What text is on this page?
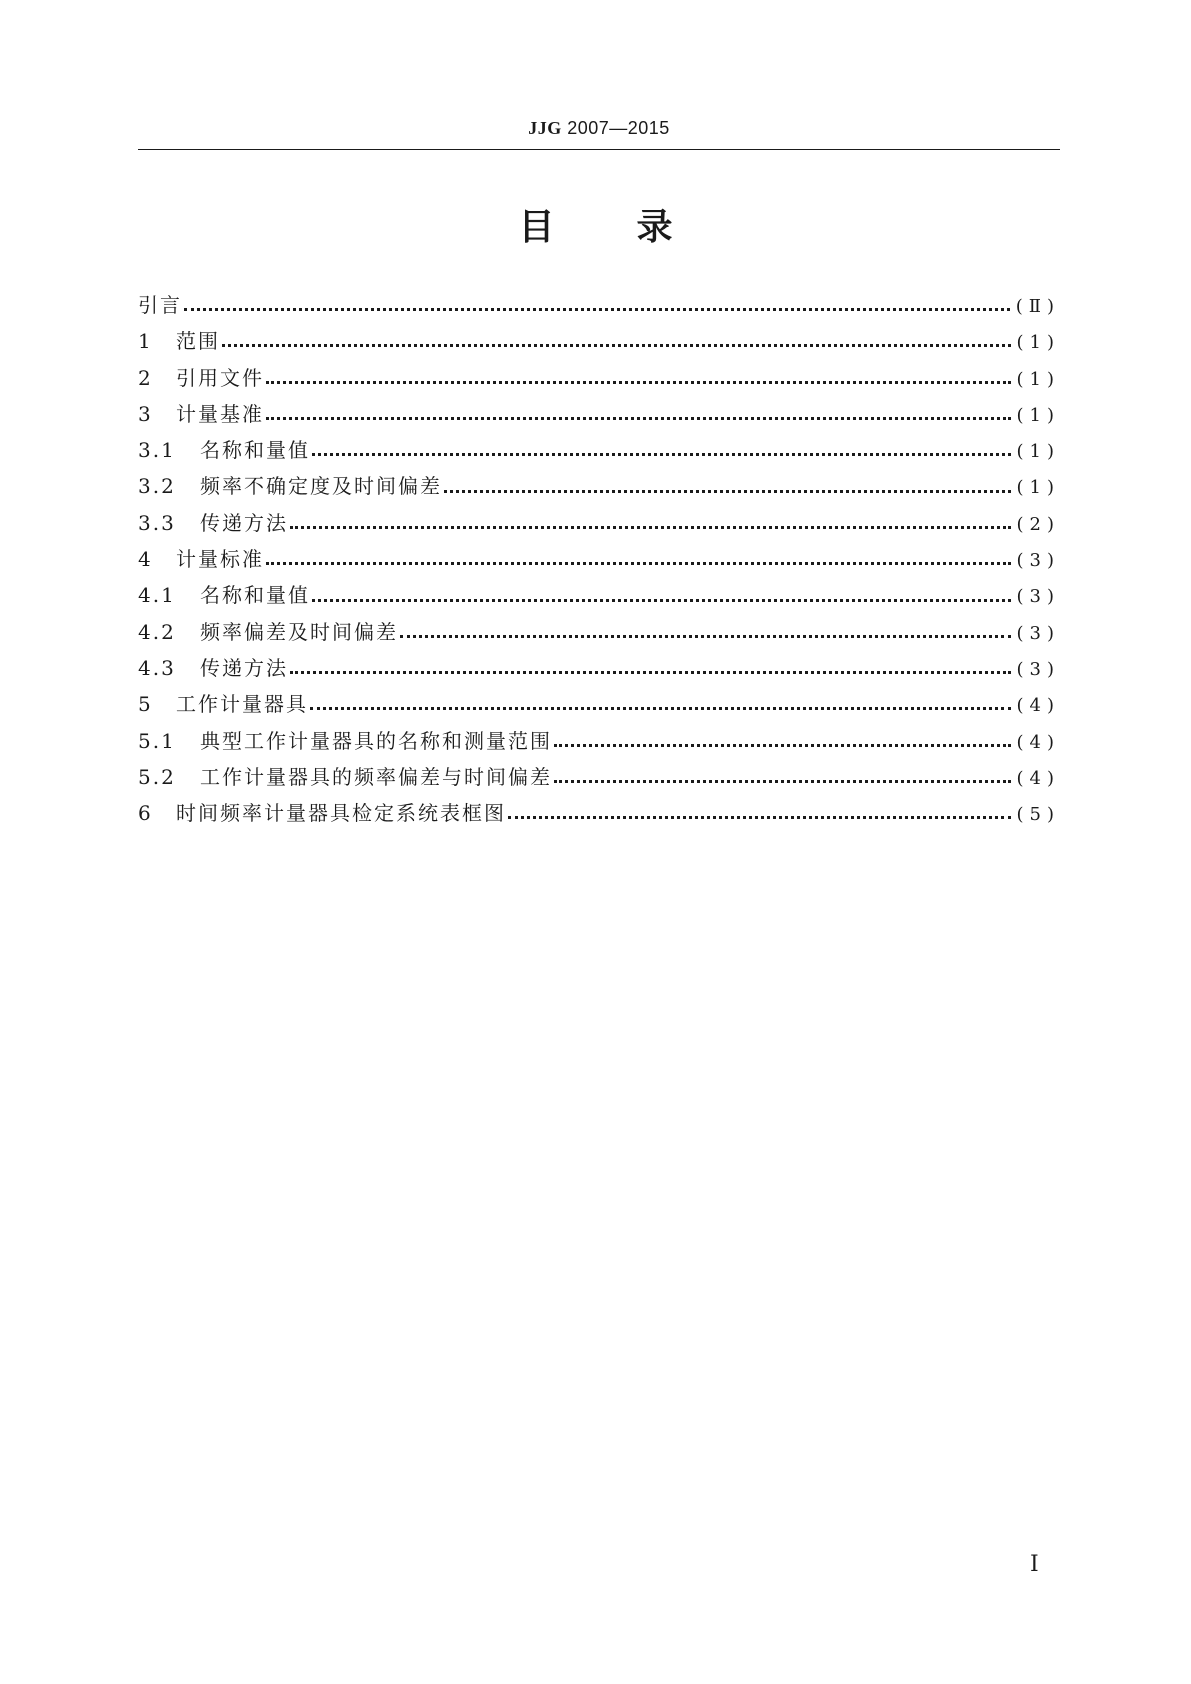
JJG 2007—2015
目 录
引言	(Ⅱ)
1	范围	(1)
2	引用文件	(1)
3	计量基准	(1)
3.1	名称和量值	(1)
3.2	频率不确定度及时间偏差	(1)
3.3	传递方法	(2)
4	计量标准	(3)
4.1	名称和量值	(3)
4.2	频率偏差及时间偏差	(3)
4.3	传递方法	(3)
5	工作计量器具	(4)
5.1	典型工作计量器具的名称和测量范围	(4)
5.2	工作计量器具的频率偏差与时间偏差	(4)
6	时间频率计量器具检定系统表框图	(5)
Ⅰ
